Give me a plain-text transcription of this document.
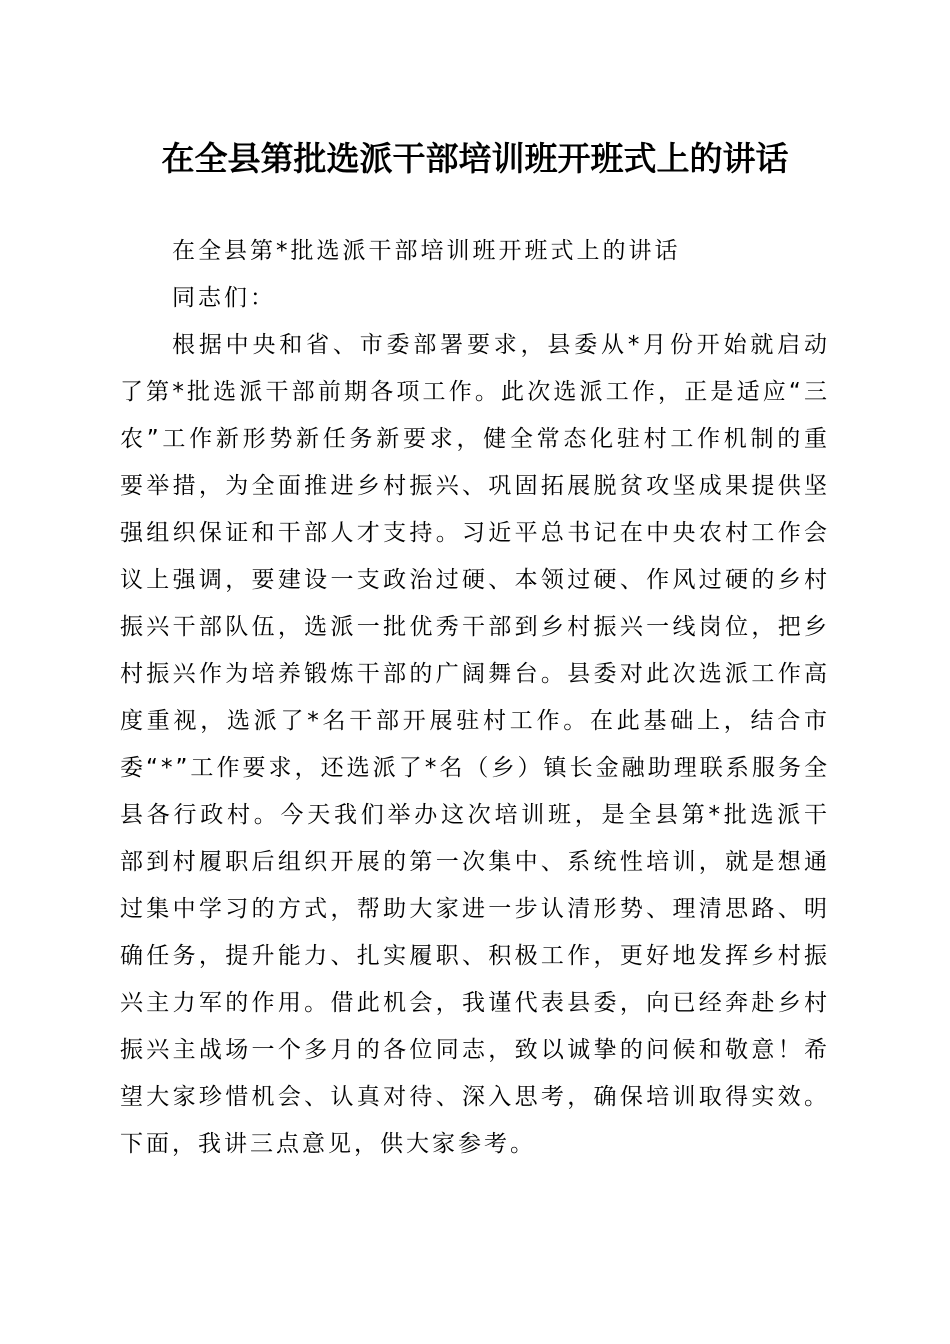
在全县第批选派干部培训班开班式上的讲话

在全县第*批选派干部培训班开班式上的讲话

同志们：

根据中央和省、市委部署要求，县委从*月份开始就启动了第*批选派干部前期各项工作。此次选派工作，正是适应“三农”工作新形势新任务新要求，健全常态化驻村工作机制的重要举措，为全面推进乡村振兴、巩固拓展脱贫攻坚成果提供坚强组织保证和干部人才支持。习近平总书记在中央农村工作会议上强调，要建设一支政治过硬、本领过硬、作风过硬的乡村振兴干部队伍，选派一批优秀干部到乡村振兴一线岗位，把乡村振兴作为培养锻炼干部的广阔舞台。县委对此次选派工作高度重视，选派了*名干部开展驻村工作。在此基础上，结合市委“*”工作要求，还选派了*名（乡）镇长金融助理联系服务全县各行政村。今天我们举办这次培训班，是全县第*批选派干部到村履职后组织开展的第一次集中、系统性培训，就是想通过集中学习的方式，帮助大家进一步认清形势、理清思路、明确任务，提升能力、扎实履职、积极工作，更好地发挥乡村振兴主力军的作用。借此机会，我谨代表县委，向已经奔赴乡村振兴主战场一个多月的各位同志，致以诚挚的问候和敬意！希望大家珍惜机会、认真对待、深入思考，确保培训取得实效。下面，我讲三点意见，供大家参考。
